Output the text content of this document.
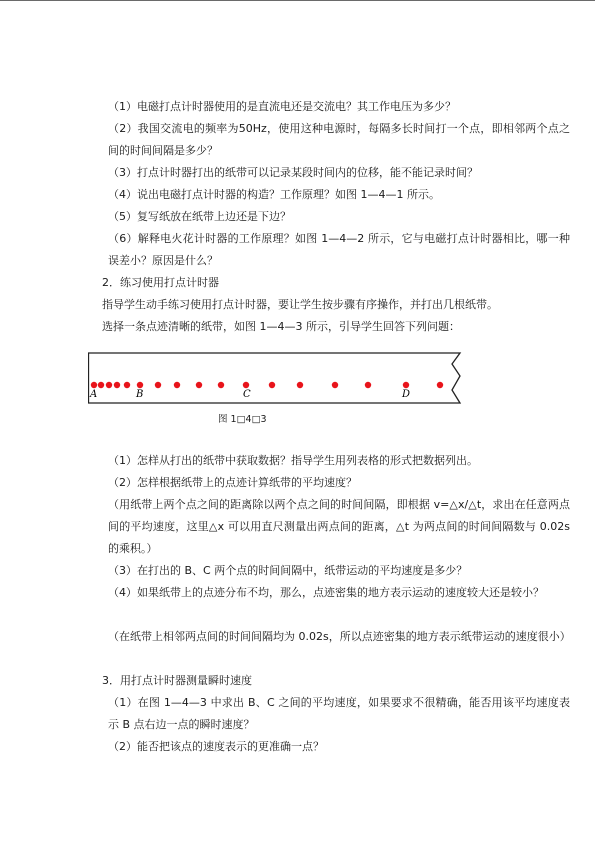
（1）电磁打点计时器使用的是直流电还是交流电？其工作电压为多少？

（2）我国交流电的频率为50Hz，使用这种电源时，每隔多长时间打一个点，即相邻两个点之间的时间间隔是多少？

（3）打点计时器打出的纸带可以记录某段时间内的位移，能不能记录时间？

（4）说出电磁打点计时器的构造？工作原理？如图 1—4—1 所示。

（5）复写纸放在纸带上边还是下边？

（6）解释电火花计时器的工作原理？如图 1—4—2 所示，它与电磁打点计时器相比，哪一种误差小？原因是什么？

2．练习使用打点计时器

指导学生动手练习使用打点计时器，要让学生按步骤有序操作，并打出几根纸带。

选择一条点迹清晰的纸带，如图 1—4—3 所示，引导学生回答下列问题：

A	B	C	D
图 1□4□3

（1）怎样从打出的纸带中获取数据？指导学生用列表格的形式把数据列出。

（2）怎样根据纸带上的点迹计算纸带的平均速度？

（用纸带上两个点之间的距离除以两个点之间的时间间隔，即根据 v=△x/△t，求出在任意两点间的平均速度，这里△x 可以用直尺测量出两点间的距离，△t 为两点间的时间间隔数与 0.02s 的乘积。）

（3）在打出的 B、C 两个点的时间间隔中，纸带运动的平均速度是多少？

（4）如果纸带上的点迹分布不均，那么，点迹密集的地方表示运动的速度较大还是较小？

（在纸带上相邻两点间的时间间隔均为 0.02s，所以点迹密集的地方表示纸带运动的速度很小）

3．用打点计时器测量瞬时速度

（1）在图 1—4—3 中求出 B、C 之间的平均速度，如果要求不很精确，能否用该平均速度表示 B 点右边一点的瞬时速度？

（2）能否把该点的速度表示的更准确一点？
